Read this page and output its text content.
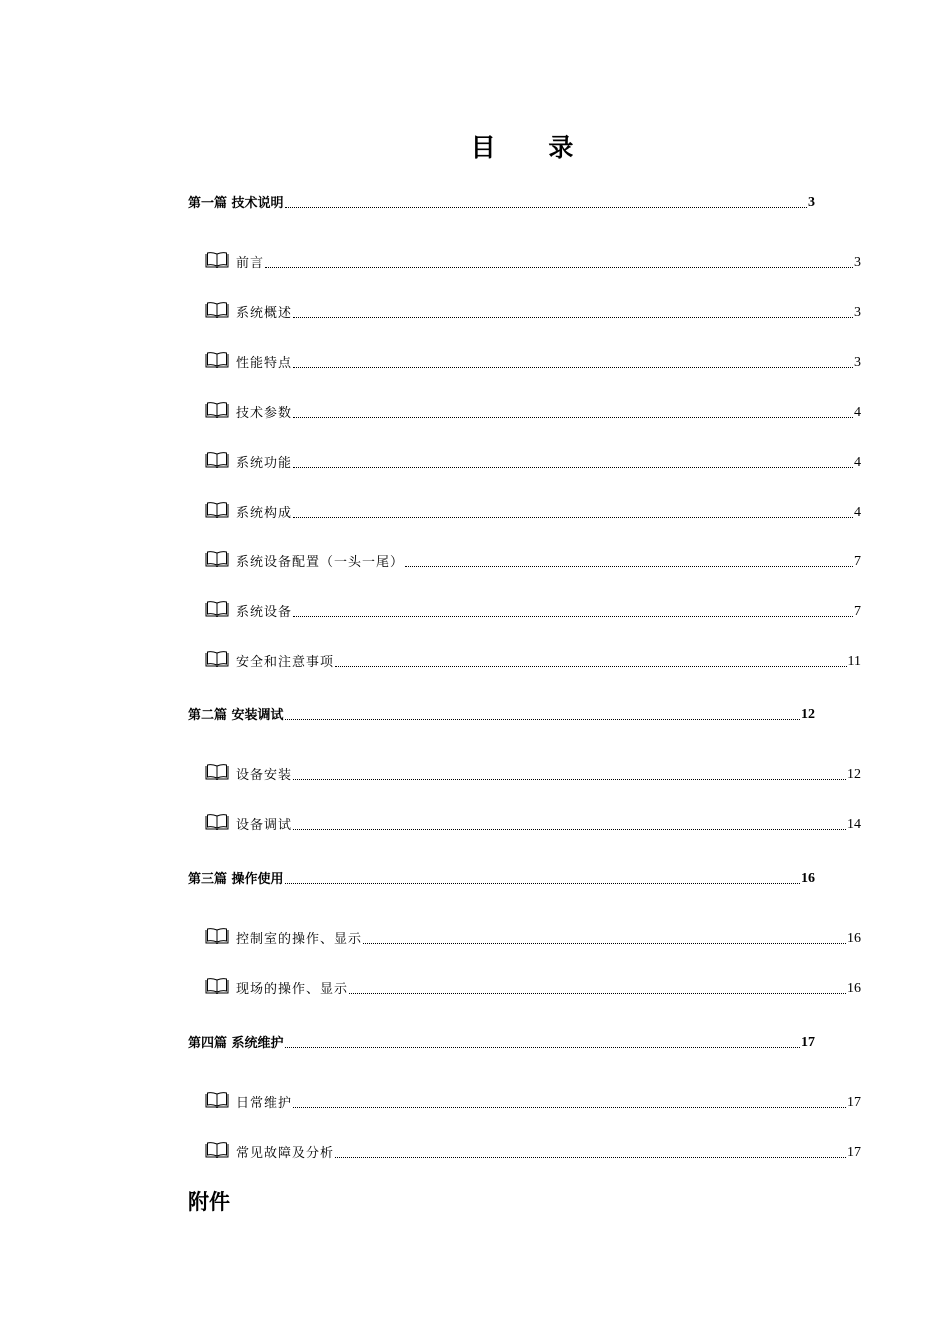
目 录
第一篇 技术说明	3
前言	3
系统概述	3
性能特点	3
技术参数	4
系统功能	4
系统构成	4
系统设备配置（一头一尾）	7
系统设备	7
安全和注意事项	11
第二篇 安装调试	12
设备安装	12
设备调试	14
第三篇 操作使用	16
控制室的操作、显示	16
现场的操作、显示	16
第四篇 系统维护	17
日常维护	17
常见故障及分析	17
附件
